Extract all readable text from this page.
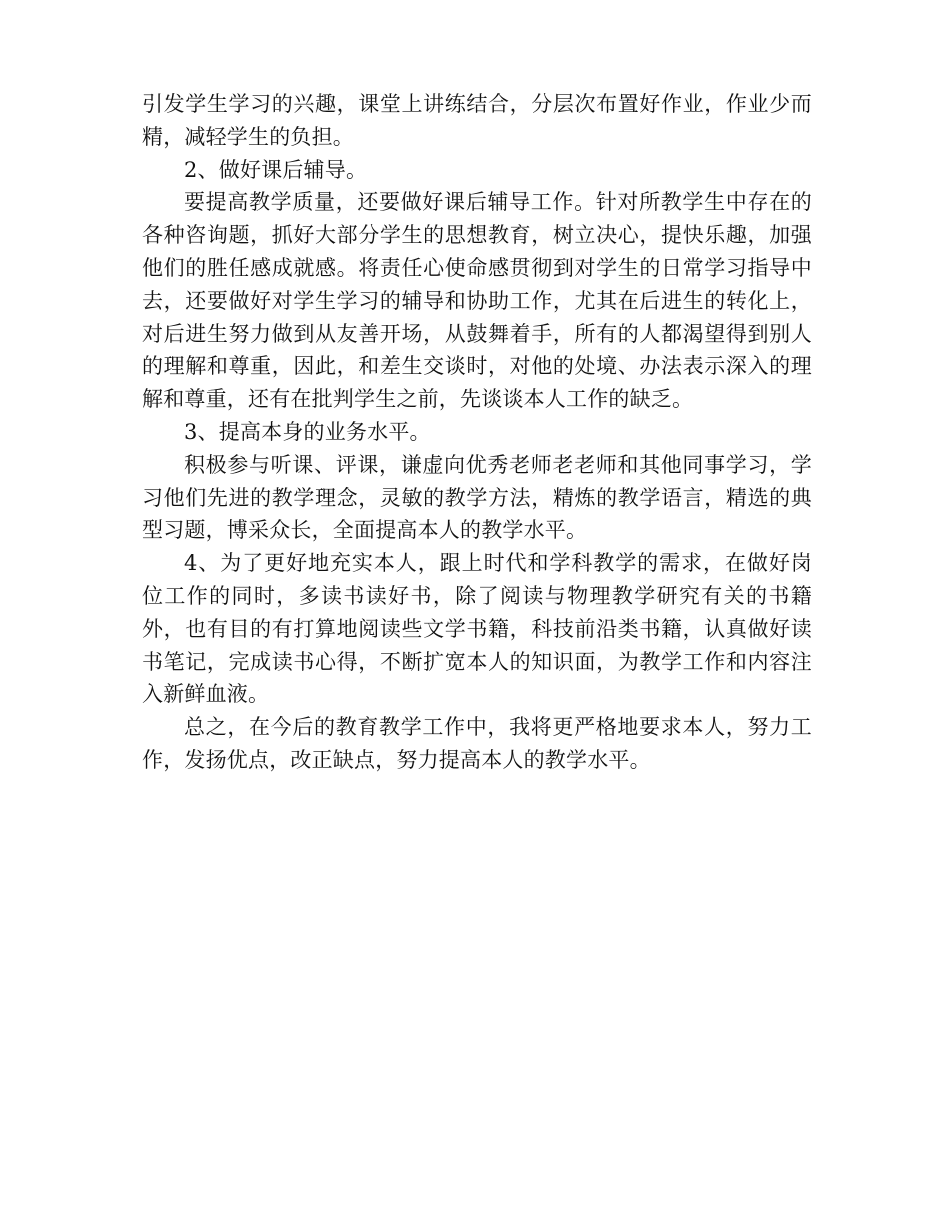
引发学生学习的兴趣，课堂上讲练结合，分层次布置好作业，作业少而精，减轻学生的负担。

2、做好课后辅导。

要提高教学质量，还要做好课后辅导工作。针对所教学生中存在的各种咨询题，抓好大部分学生的思想教育，树立决心，提快乐趣，加强他们的胜任感成就感。将责任心使命感贯彻到对学生的日常学习指导中去，还要做好对学生学习的辅导和协助工作，尤其在后进生的转化上，对后进生努力做到从友善开场，从鼓舞着手，所有的人都渴望得到别人的理解和尊重，因此，和差生交谈时，对他的处境、办法表示深入的理解和尊重，还有在批判学生之前，先谈谈本人工作的缺乏。

3、提高本身的业务水平。

积极参与听课、评课，谦虚向优秀老师老老师和其他同事学习，学习他们先进的教学理念，灵敏的教学方法，精炼的教学语言，精选的典型习题，博采众长，全面提高本人的教学水平。

4、为了更好地充实本人，跟上时代和学科教学的需求，在做好岗位工作的同时，多读书读好书，除了阅读与物理教学研究有关的书籍外，也有目的有打算地阅读些文学书籍，科技前沿类书籍，认真做好读书笔记，完成读书心得，不断扩宽本人的知识面，为教学工作和内容注入新鲜血液。

总之，在今后的教育教学工作中，我将更严格地要求本人，努力工作，发扬优点，改正缺点，努力提高本人的教学水平。
